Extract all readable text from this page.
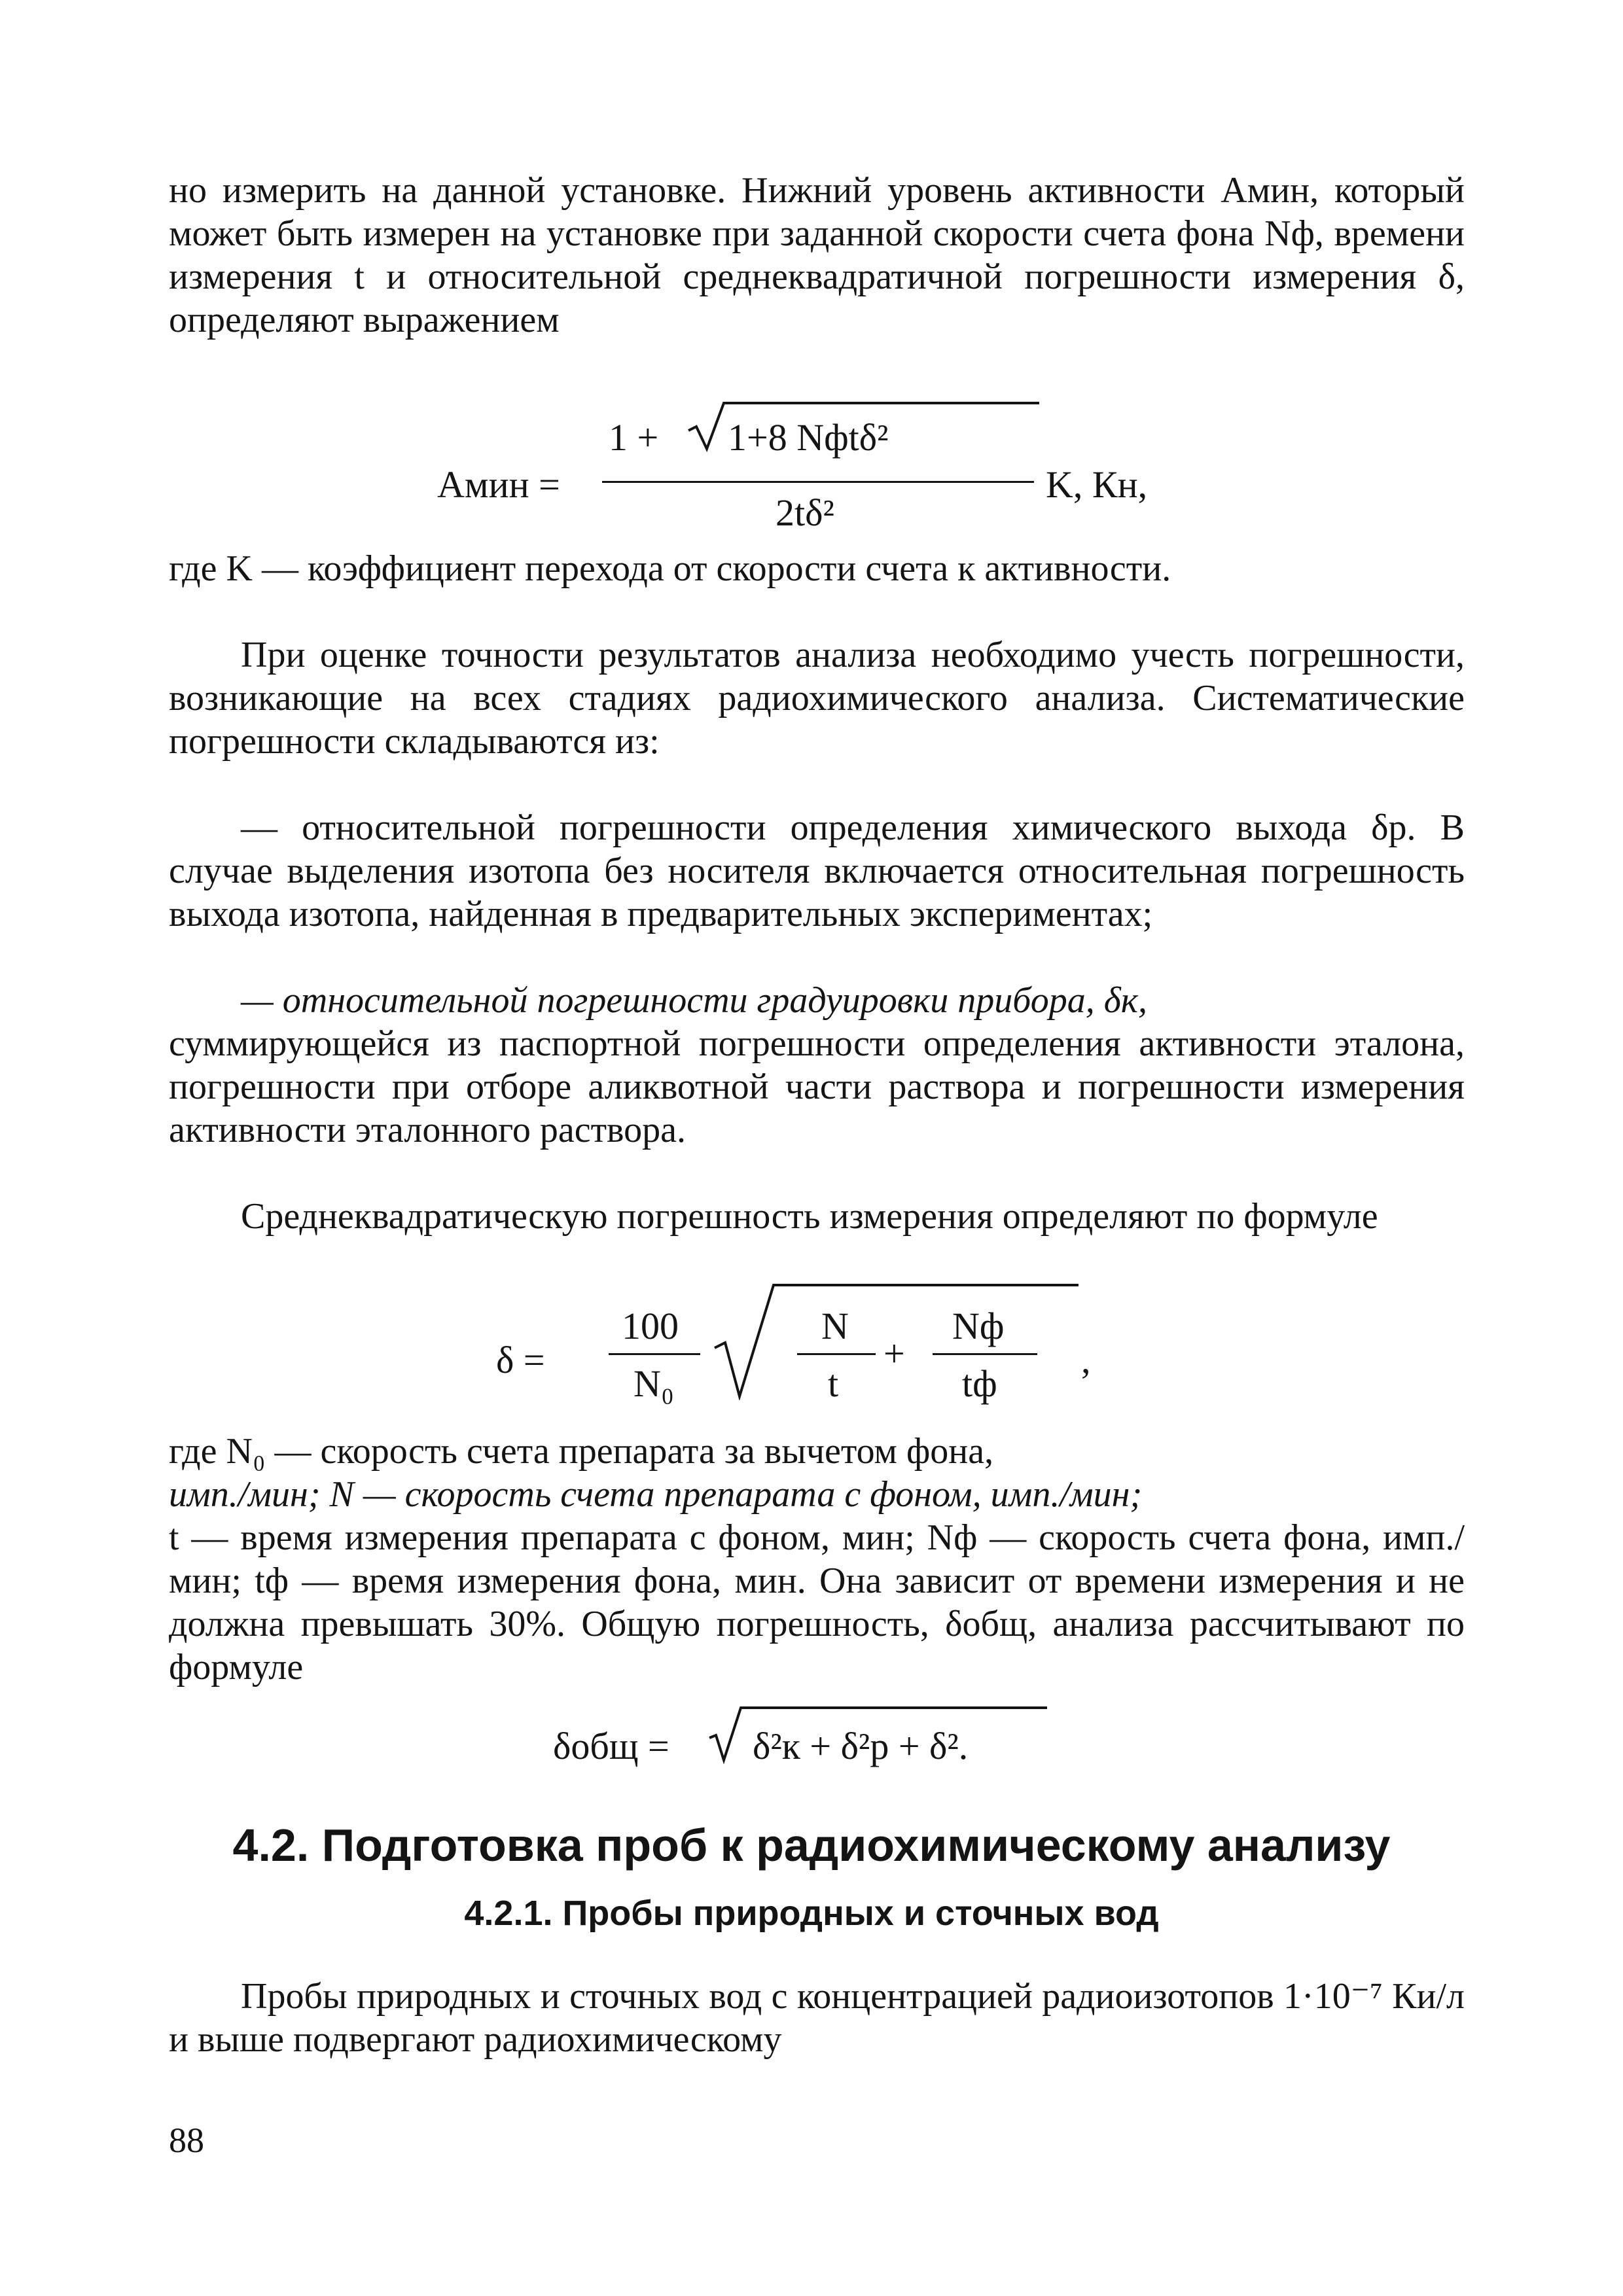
но измерить на данной установке. Нижний уровень активности Aмин, который может быть измерен на установке при заданной скорости счета фона Nф, времени измерения t и относительной среднеквадратичной погрешности измерения δ, определяют выражением

Aмин =
1 + 1+8 Nфtδ²
2tδ²
K, Кн,

где K — коэффициент перехода от скорости счета к активности.

При оценке точности результатов анализа необходимо учесть погрешности, возникающие на всех стадиях радиохимического анализа. Систематические погрешности складываются из:

— относительной погрешности определения химического выхода δр. В случае выделения изотопа без носителя включается относительная погрешность выхода изотопа, найденная в предварительных экспериментах;

— относительной погрешности градуировки прибора, δк,

суммирующейся из паспортной погрешности определения активности эталона, погрешности при отборе аликвотной части раствора и погрешности измерения активности эталонного раствора.

Среднеквадратическую погрешность измерения определяют по формуле

δ =
100
N₀
N
t
+
Nф
tф
,

где N₀ — скорость счета препарата за вычетом фона,

имп./мин; N — скорость счета препарата с фоном, имп./мин;

t — время измерения препарата с фоном, мин; Nф — скорость счета фона, имп./мин; tф — время измерения фона, мин. Она зависит от времени измерения и не должна превышать 30%. Общую погрешность, δобщ, анализа рассчитывают по формуле

δобщ = δ²к + δ²р + δ².
4.2. Подготовка проб к радиохимическому анализу
4.2.1. Пробы природных и сточных вод

Пробы природных и сточных вод с концентрацией радиоизотопов 1·10⁻⁷ Ки/л и выше подвергают радиохимическому

88
